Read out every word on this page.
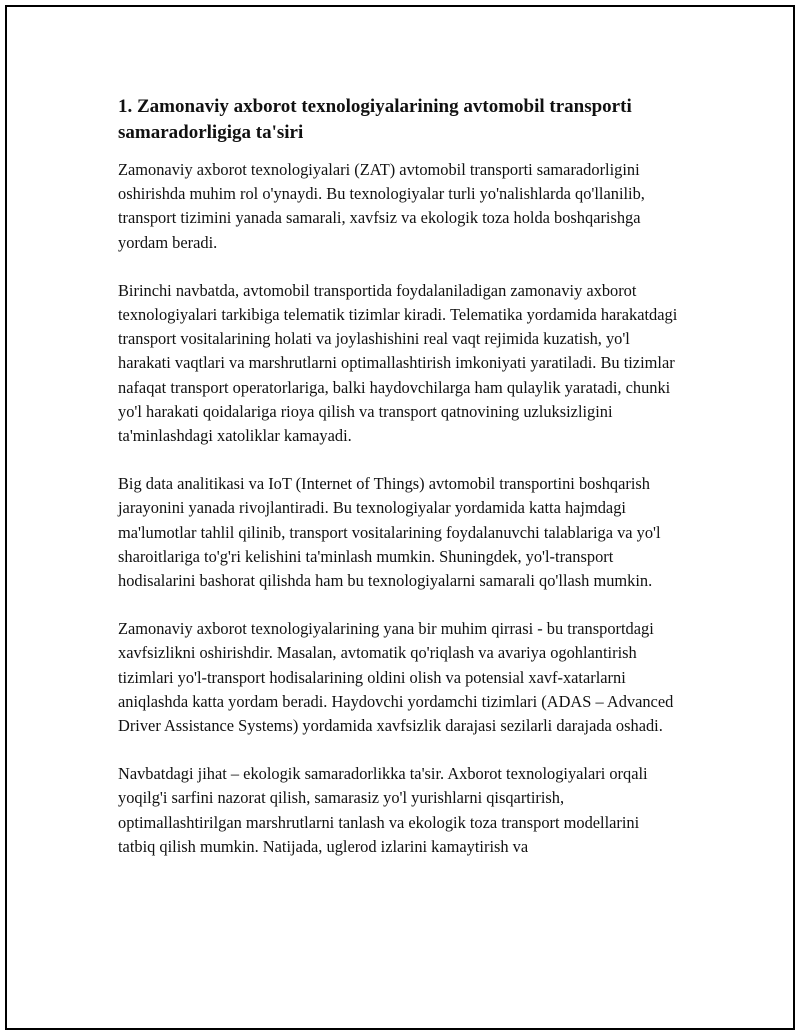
1. Zamonaviy axborot texnologiyalarining avtomobil transporti samaradorligiga ta'siri

Zamonaviy axborot texnologiyalari (ZAT) avtomobil transporti samaradorligini oshirishda muhim rol o'ynaydi. Bu texnologiyalar turli yo'nalishlarda qo'llanilib, transport tizimini yanada samarali, xavfsiz va ekologik toza holda boshqarishga yordam beradi.

Birinchi navbatda, avtomobil transportida foydalaniladigan zamonaviy axborot texnologiyalari tarkibiga telematik tizimlar kiradi. Telematika yordamida harakatdagi transport vositalarining holati va joylashishini real vaqt rejimida kuzatish, yo'l harakati vaqtlari va marshrutlarni optimallashtirish imkoniyati yaratiladi. Bu tizimlar nafaqat transport operatorlariga, balki haydovchilarga ham qulaylik yaratadi, chunki yo'l harakati qoidalariga rioya qilish va transport qatnovining uzluksizligini ta'minlashdagi xatoliklar kamayadi.

Big data analitikasi va IoT (Internet of Things) avtomobil transportini boshqarish jarayonini yanada rivojlantiradi. Bu texnologiyalar yordamida katta hajmdagi ma'lumotlar tahlil qilinib, transport vositalarining foydalanuvchi talablariga va yo'l sharoitlariga to'g'ri kelishini ta'minlash mumkin. Shuningdek, yo'l-transport hodisalarini bashorat qilishda ham bu texnologiyalarni samarali qo'llash mumkin.

Zamonaviy axborot texnologiyalarining yana bir muhim qirrasi - bu transportdagi xavfsizlikni oshirishdir. Masalan, avtomatik qo'riqlash va avariya ogohlantirish tizimlari yo'l-transport hodisalarining oldini olish va potensial xavf-xatarlarni aniqlashda katta yordam beradi. Haydovchi yordamchi tizimlari (ADAS – Advanced Driver Assistance Systems) yordamida xavfsizlik darajasi sezilarli darajada oshadi.

Navbatdagi jihat – ekologik samaradorlikka ta'sir. Axborot texnologiyalari orqali yoqilg'i sarfini nazorat qilish, samarasiz yo'l yurishlarni qisqartirish, optimallashtirilgan marshrutlarni tanlash va ekologik toza transport modellarini tatbiq qilish mumkin. Natijada, uglerod izlarini kamaytirish va
